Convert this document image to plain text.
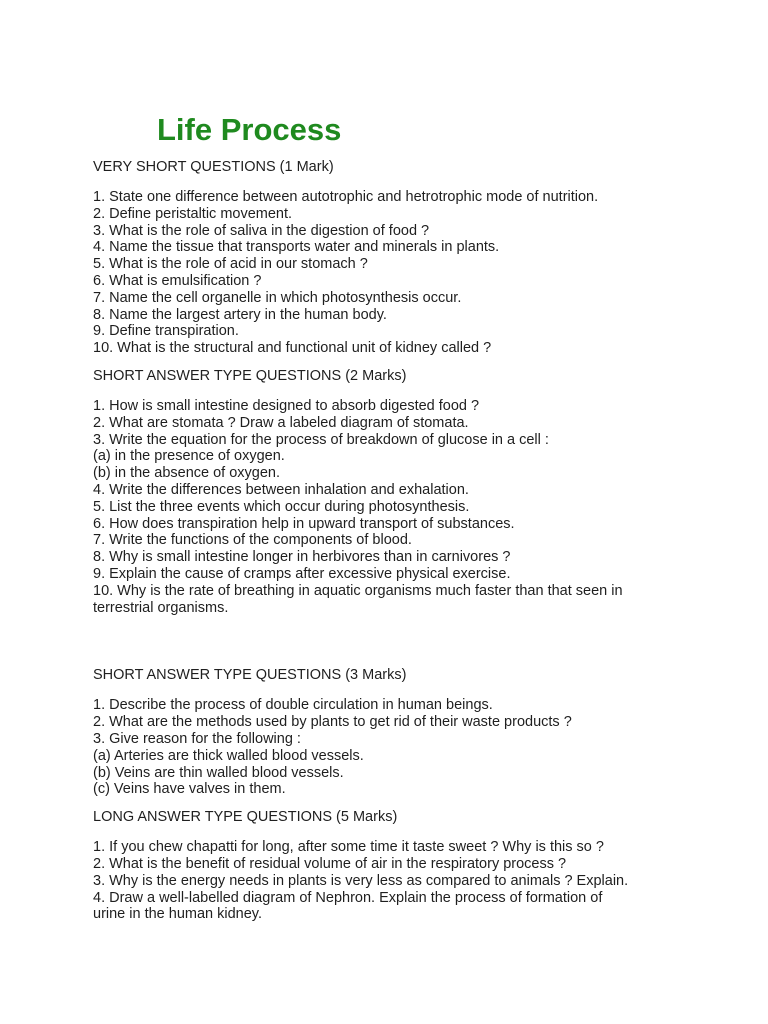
Life Process
VERY SHORT QUESTIONS (1 Mark)
1. State one difference between autotrophic and hetrotrophic mode of nutrition.
2. Define peristaltic movement.
3. What is the role of saliva in the digestion of food ?
4. Name the tissue that transports water and minerals in plants.
5. What is the role of acid in our stomach ?
6. What is emulsification ?
7. Name the cell organelle in which photosynthesis occur.
8. Name the largest artery in the human body.
9. Define transpiration.
10. What is the structural and functional unit of kidney called ?
SHORT ANSWER TYPE QUESTIONS (2 Marks)
1. How is small intestine designed to absorb digested food ?
2. What are stomata ? Draw a labeled diagram of stomata.
3. Write the equation for the process of breakdown of glucose in a cell :
(a) in the presence of oxygen.
(b) in the absence of oxygen.
4. Write the differences between inhalation and exhalation.
5. List the three events which occur during photosynthesis.
6. How does transpiration help in upward transport of substances.
7. Write the functions of the components of blood.
8. Why is small intestine longer in herbivores than in carnivores ?
9. Explain the cause of cramps after excessive physical exercise.
10. Why is the rate of breathing in aquatic organisms much faster than that seen in
terrestrial organisms.
SHORT ANSWER TYPE QUESTIONS (3 Marks)
1. Describe the process of double circulation in human beings.
2. What are the methods used by plants to get rid of their waste products ?
3. Give reason for the following :
(a) Arteries are thick walled blood vessels.
(b) Veins are thin walled blood vessels.
(c) Veins have valves in them.
LONG ANSWER TYPE QUESTIONS (5 Marks)
1. If you chew chapatti for long, after some time it taste sweet ? Why is this so ?
2. What is the benefit of residual volume of air in the respiratory process ?
3. Why is the energy needs in plants is very less as compared to animals ? Explain.
4. Draw a well-labelled diagram of Nephron. Explain the process of formation of
urine in the human kidney.
